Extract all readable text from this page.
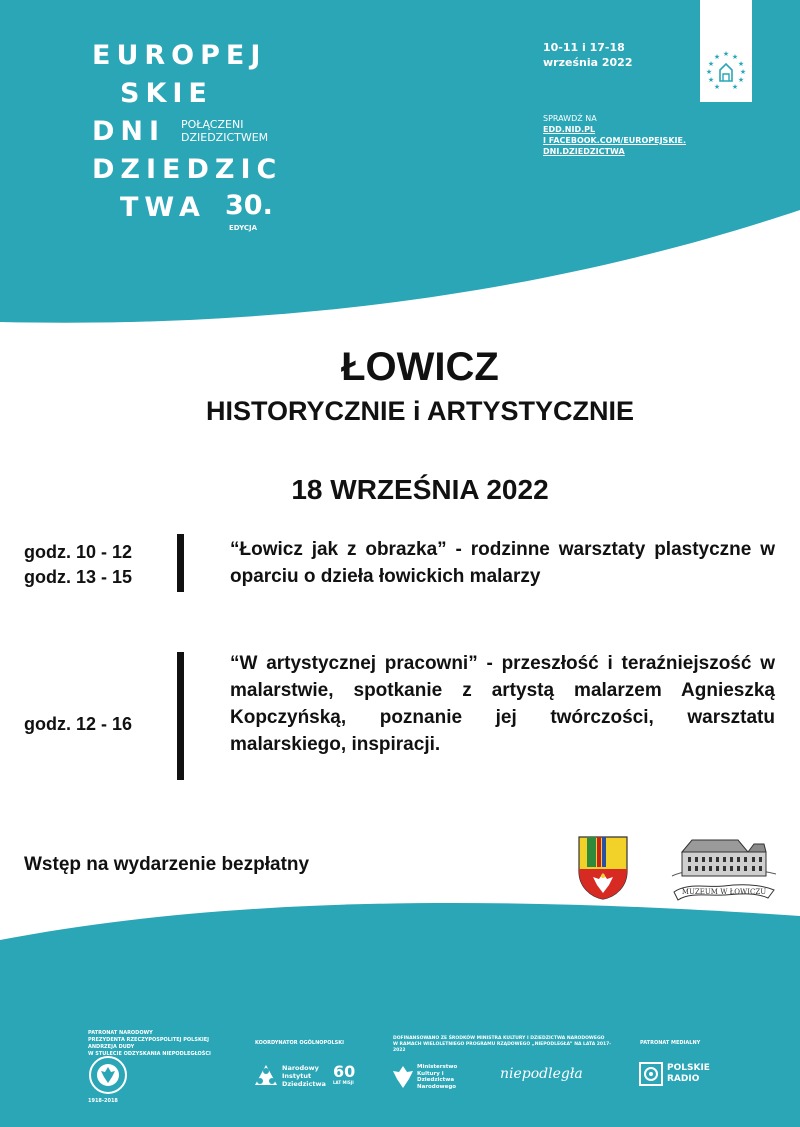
EUROPEJ
SKIE
DNI POŁĄCZENI
DZIEDZICTWEM
DZIEDZIC
TWA 30.
EDYCJA
10-11 i 17-18
września 2022
SPRAWDŹ NA
EDD.NID.PL
I FACEBOOK.COM/EUROPEJSKIE.
DNI.DZIEDZICTWA
★ ★
★
★
★
★
★
★
★
★
★
ŁOWICZ
HISTORYCZNIE i ARTYSTYCZNIE
18 WRZEŚNIA 2022
godz. 10 - 12
godz. 13 - 15
“Łowicz jak z obrazka” - rodzinne warsztaty plastyczne w oparciu o dzieła łowickich malarzy
godz. 12 - 16
“W artystycznej pracowni” - przeszłość i teraźniejszość w malarstwie, spotkanie z artystą malarzem Agnieszką Kopczyńską, poznanie jej twórczości, warsztatu malarskiego, inspiracji.
Wstęp na wydarzenie bezpłatny
MUZEUM W ŁOWICZU
PATRONAT NARODOWY
PREZYDENTA RZECZYPOSPOLITEJ POLSKIEJ ANDRZEJA DUDY
W STULECIE ODZYSKANIA NIEPODLEGŁOŚCI
1918-2018
KOORDYNATOR OGÓLNOPOLSKI
Narodowy Instytut Dziedzictwa
60
LAT MISJI
DOFINANSOWANO ZE ŚRODKÓW MINISTRA KULTURY I DZIEDZICTWA NARODOWEGO
W RAMACH WIELOLETNIEGO PROGRAMU RZĄDOWEGO „NIEPODLEGŁA” NA LATA 2017-2022
Ministerstwo Kultury i Dziedzictwa Narodowego
niepodległa
PATRONAT MEDIALNY
POLSKIE
RADIO
